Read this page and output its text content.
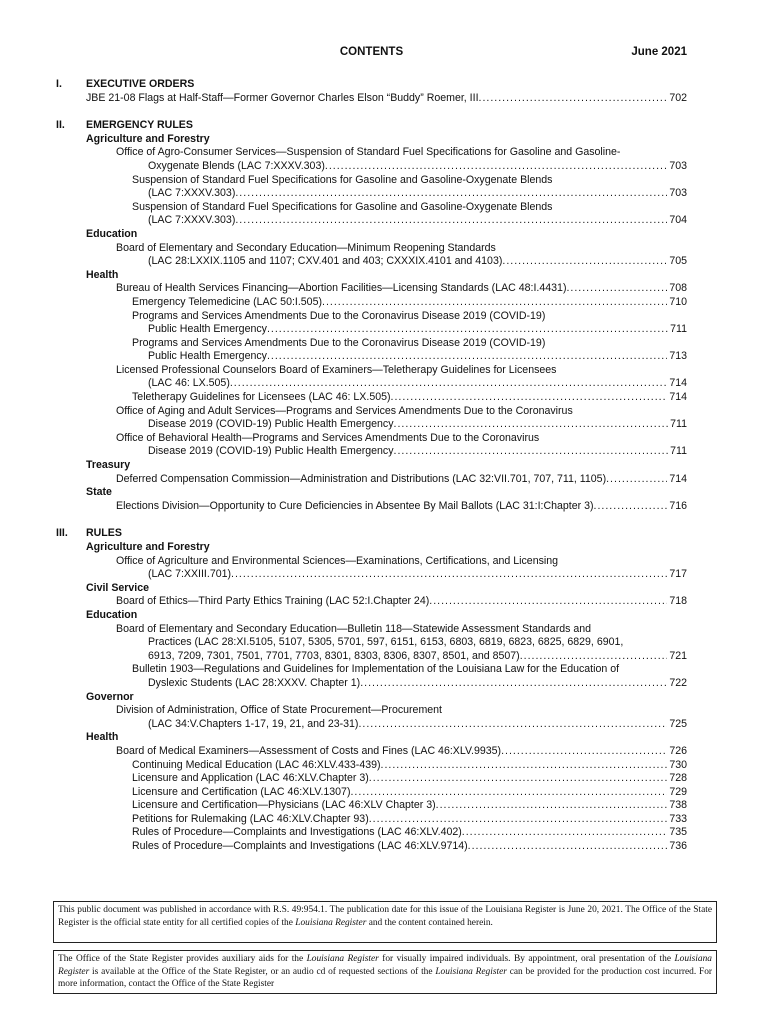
CONTENTS	June 2021
I. EXECUTIVE ORDERS
JBE 21-08 Flags at Half-Staff—Former Governor Charles Elson “Buddy” Roemer, III .....	702
II. EMERGENCY RULES
Agriculture and Forestry
Office of Agro-Consumer Services—Suspension of Standard Fuel Specifications for Gasoline and Gasoline-
Oxygenate Blends (LAC 7:XXXV.303) .....	703
Suspension of Standard Fuel Specifications for Gasoline and Gasoline-Oxygenate Blends
(LAC 7:XXXV.303) .....	703
Suspension of Standard Fuel Specifications for Gasoline and Gasoline-Oxygenate Blends
(LAC 7:XXXV.303) .....	704
Education
Board of Elementary and Secondary Education—Minimum Reopening Standards
(LAC 28:LXXIX.1105 and 1107; CXV.401 and 403; CXXXIX.4101 and 4103) .....	705
Health
Bureau of Health Services Financing—Abortion Facilities—Licensing Standards (LAC 48:I.4431) .....	708
Emergency Telemedicine (LAC 50:I.505) .....	710
Programs and Services Amendments Due to the Coronavirus Disease 2019 (COVID-19)
Public Health Emergency .....	711
Programs and Services Amendments Due to the Coronavirus Disease 2019 (COVID-19)
Public Health Emergency .....	713
Licensed Professional Counselors Board of Examiners—Teletherapy Guidelines for Licensees
(LAC 46: LX.505) .....	714
Teletherapy Guidelines for Licensees (LAC 46: LX.505) .....	714
Office of Aging and Adult Services—Programs and Services Amendments Due to the Coronavirus
Disease 2019 (COVID-19) Public Health Emergency .....	711
Office of Behavioral Health—Programs and Services Amendments Due to the Coronavirus
Disease 2019 (COVID-19) Public Health Emergency .....	711
Treasury
Deferred Compensation Commission—Administration and Distributions (LAC 32:VII.701, 707, 711, 1105) .....	714
State
Elections Division—Opportunity to Cure Deficiencies in Absentee By Mail Ballots (LAC 31:I:Chapter 3) .....	716
III. RULES
Agriculture and Forestry
Office of Agriculture and Environmental Sciences—Examinations, Certifications, and Licensing
(LAC 7:XXIII.701) .....	717
Civil Service
Board of Ethics—Third Party Ethics Training (LAC 52:I.Chapter 24) .....	718
Education
Board of Elementary and Secondary Education—Bulletin 118—Statewide Assessment Standards and
Practices (LAC 28:XI.5105, 5107, 5305, 5701, 597, 6151, 6153, 6803, 6819, 6823, 6825, 6829, 6901,
6913, 7209, 7301, 7501, 7701, 7703, 8301, 8303, 8306, 8307, 8501, and 8507) .....	721
Bulletin 1903—Regulations and Guidelines for Implementation of the Louisiana Law for the Education of
Dyslexic Students (LAC 28:XXXV. Chapter 1) .....	722
Governor
Division of Administration, Office of State Procurement—Procurement
(LAC 34:V.Chapters 1-17, 19, 21, and 23-31) .....	725
Health
Board of Medical Examiners—Assessment of Costs and Fines (LAC 46:XLV.9935) .....	726
Continuing Medical Education (LAC 46:XLV.433-439) .....	730
Licensure and Application (LAC 46:XLV.Chapter 3) .....	728
Licensure and Certification (LAC 46:XLV.1307) .....	729
Licensure and Certification—Physicians (LAC 46:XLV Chapter 3) .....	738
Petitions for Rulemaking (LAC 46:XLV.Chapter 93) .....	733
Rules of Procedure—Complaints and Investigations (LAC 46:XLV.402) .....	735
Rules of Procedure—Complaints and Investigations (LAC 46:XLV.9714) .....	736
This public document was published in accordance with R.S. 49:954.1. The publication date for this issue of the Louisiana Register is June 20, 2021. The Office of the State Register is the official state entity for all certified copies of the Louisiana Register and the content contained herein.
The Office of the State Register provides auxiliary aids for the Louisiana Register for visually impaired individuals. By appointment, oral presentation of the Louisiana Register is available at the Office of the State Register, or an audio cd of requested sections of the Louisiana Register can be provided for the production cost incurred. For more information, contact the Office of the State Register
